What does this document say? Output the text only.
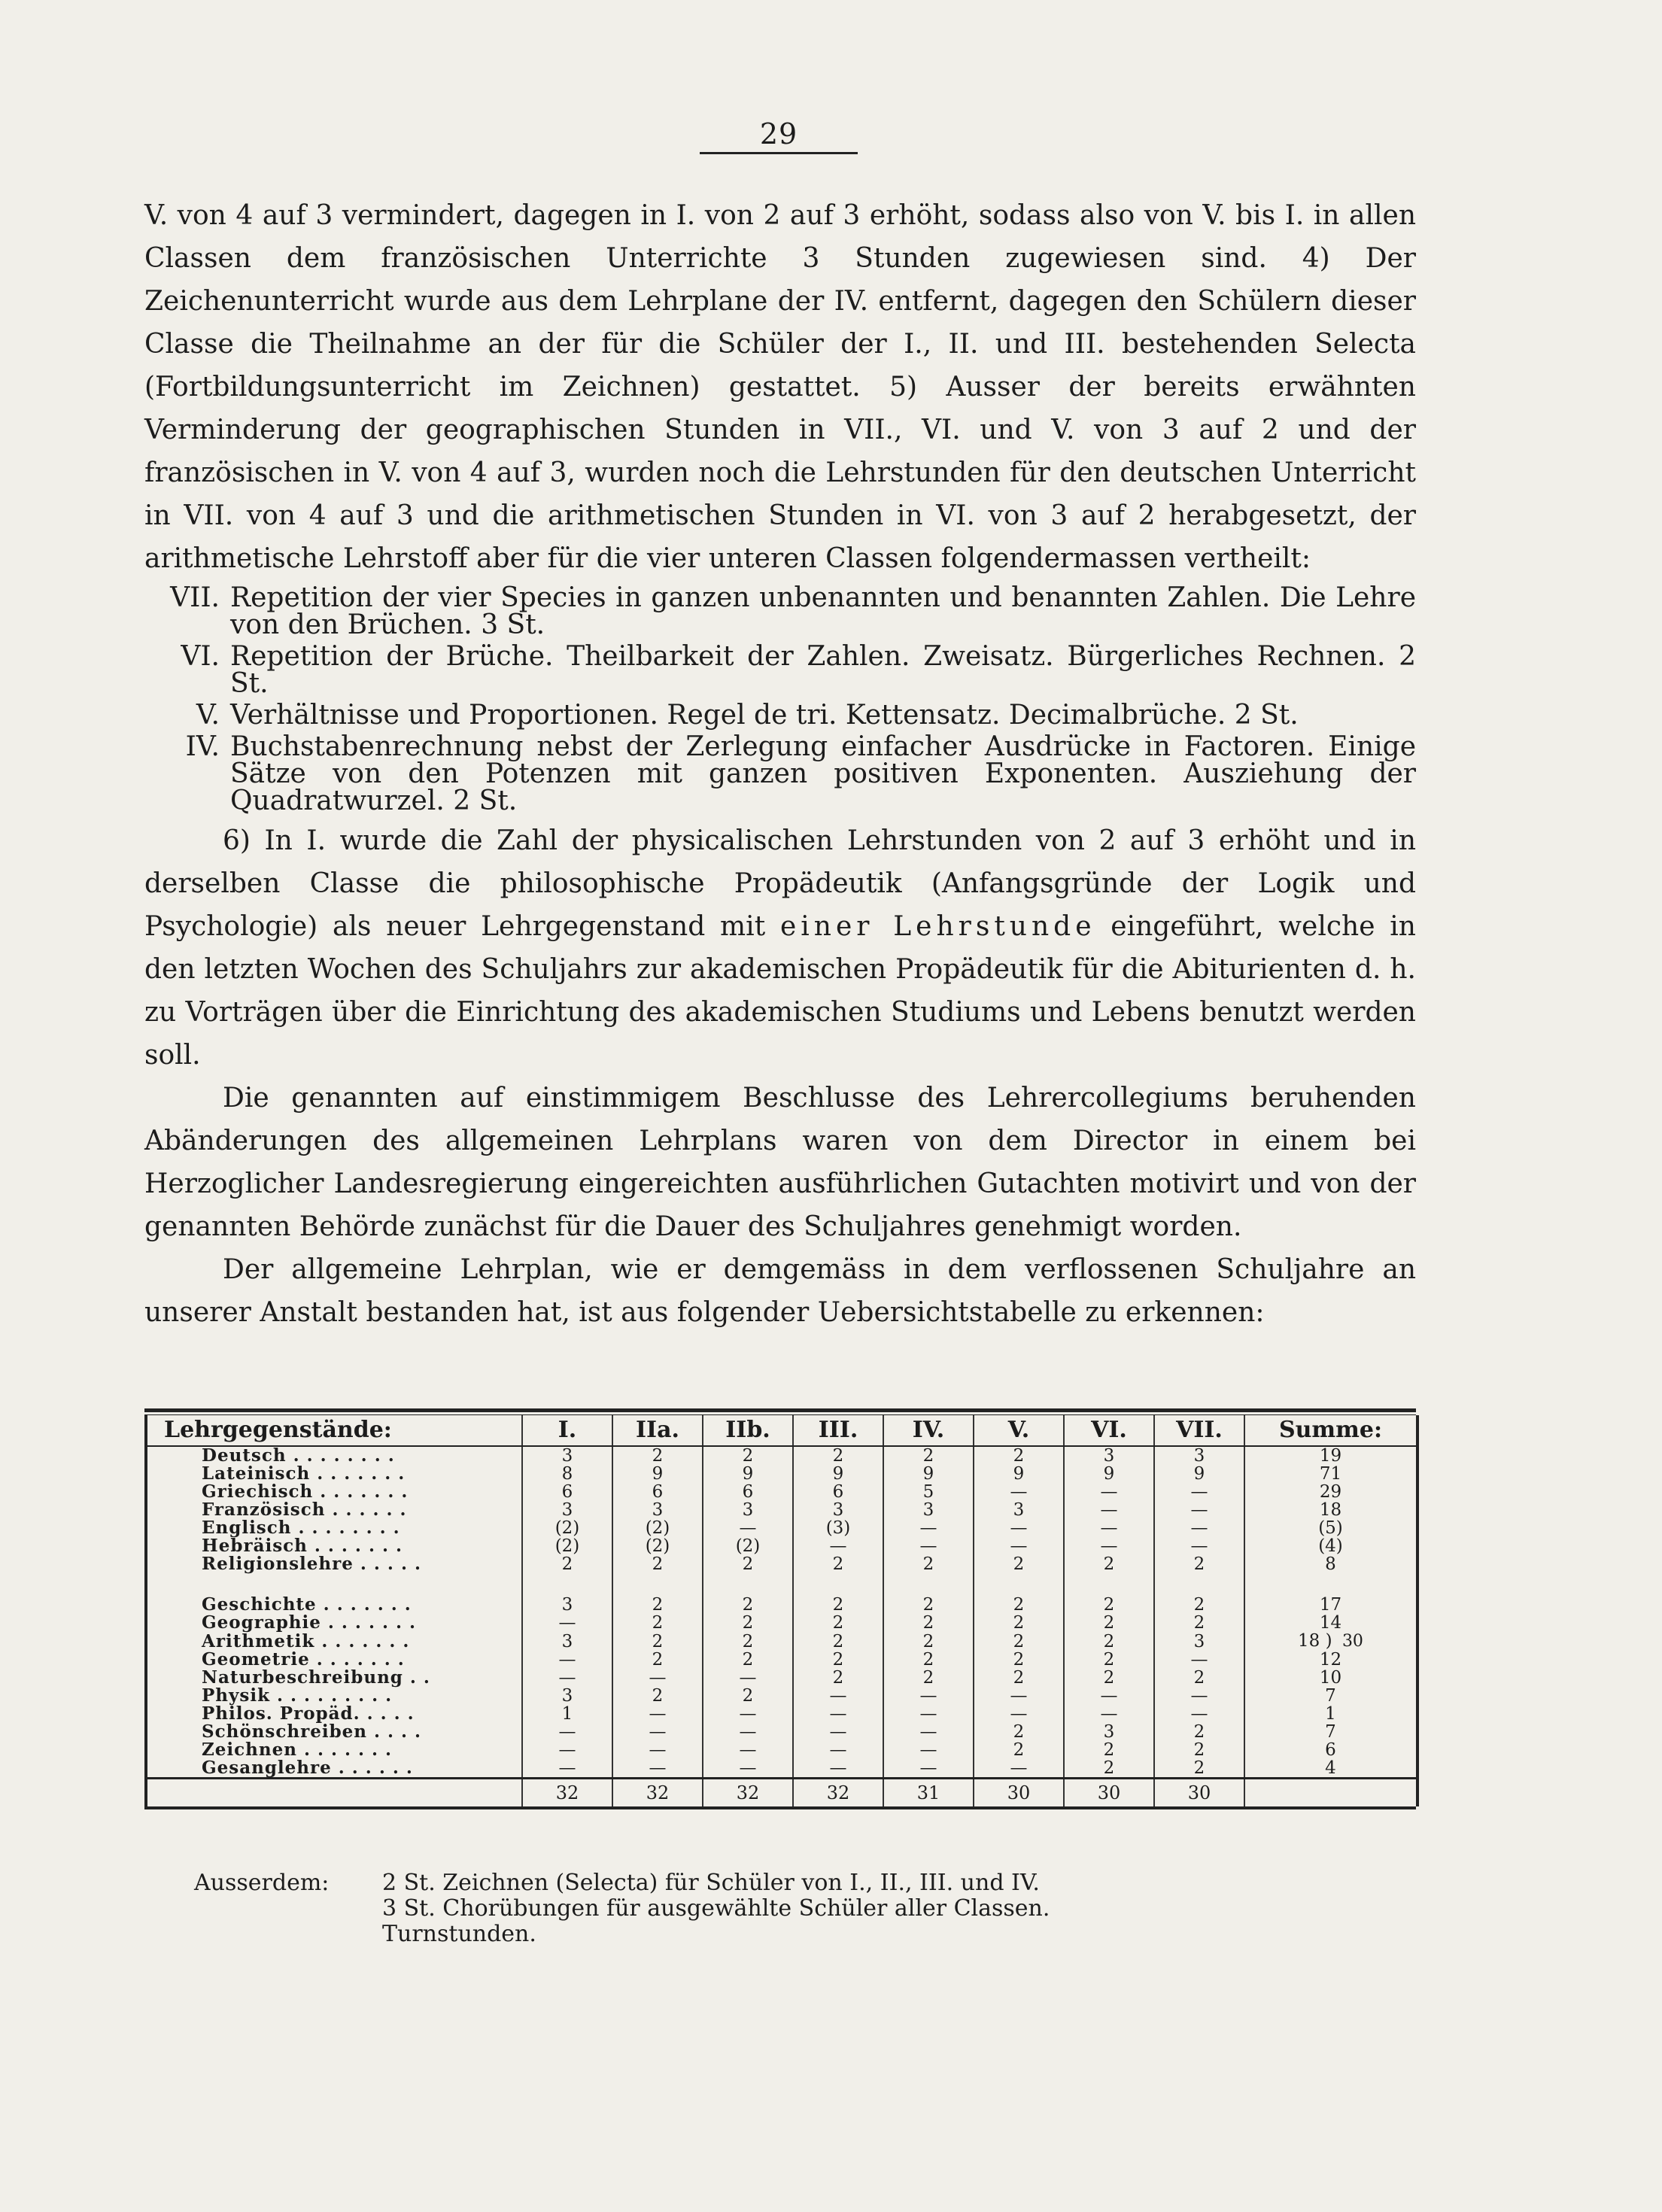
29

V. von 4 auf 3 vermindert, dagegen in I. von 2 auf 3 erhöht, sodass also von V. bis I. in allen Classen dem französischen Unterrichte 3 Stunden zugewiesen sind. 4) Der Zeichenunterricht wurde aus dem Lehrplane der IV. entfernt, dagegen den Schülern dieser Classe die Theilnahme an der für die Schüler der I., II. und III. bestehenden Selecta (Fortbildungsunterricht im Zeichnen) gestattet. 5) Ausser der bereits erwähnten Verminderung der geographischen Stunden in VII., VI. und V. von 3 auf 2 und der französischen in V. von 4 auf 3, wurden noch die Lehrstunden für den deutschen Unterricht in VII. von 4 auf 3 und die arithmetischen Stunden in VI. von 3 auf 2 herabgesetzt, der arithmetische Lehrstoff aber für die vier unteren Classen folgendermassen vertheilt:

VII. Repetition der vier Species in ganzen unbenannten und benannten Zahlen. Die Lehre von den Brüchen. 3 St.
VI. Repetition der Brüche. Theilbarkeit der Zahlen. Zweisatz. Bürgerliches Rechnen. 2 St.
V. Verhältnisse und Proportionen. Regel de tri. Kettensatz. Decimalbrüche. 2 St.
IV. Buchstabenrechnung nebst der Zerlegung einfacher Ausdrücke in Factoren. Einige Sätze von den Potenzen mit ganzen positiven Exponenten. Ausziehung der Quadratwurzel. 2 St.

6) In I. wurde die Zahl der physicalischen Lehrstunden von 2 auf 3 erhöht und in derselben Classe die philosophische Propädeutik (Anfangsgründe der Logik und Psychologie) als neuer Lehrgegenstand mit einer Lehrstunde eingeführt, welche in den letzten Wochen des Schuljahrs zur akademischen Propädeutik für die Abiturienten d. h. zu Vorträgen über die Einrichtung des akademischen Studiums und Lebens benutzt werden soll.

Die genannten auf einstimmigem Beschlusse des Lehrercollegiums beruhenden Abänderungen des allgemeinen Lehrplans waren von dem Director in einem bei Herzoglicher Landesregierung eingereichten ausführlichen Gutachten motivirt und von der genannten Behörde zunächst für die Dauer des Schuljahres genehmigt worden.

Der allgemeine Lehrplan, wie er demgemäss in dem verflossenen Schuljahre an unserer Anstalt bestanden hat, ist aus folgender Uebersichtstabelle zu erkennen:

Lehrgegenstände:	I.	IIa.	IIb.	III.	IV.	V.	VI.	VII.	Summe:
Deutsch . . . . . . . .	3	2	2	2	2	2	3	3	19
Lateinisch . . . . . . .	8	9	9	9	9	9	9	9	71
Griechisch . . . . . . .	6	6	6	6	5	—	—	—	29
Französisch . . . . . .	3	3	3	3	3	3	—	—	18
Englisch . . . . . . . .	(2)	(2)	—	(3)	—	—	—	—	(5)
Hebräisch . . . . . . .	(2)	(2)	(2)	—	—	—	—	—	(4)
Religionslehre . . . . .	2	2	2	2	2	2	2	2	8

Geschichte . . . . . . .	3	2	2	2	2	2	2	2	17
Geographie . . . . . . .	—	2	2	2	2	2	2	2	14
Arithmetik . . . . . . .	3	2	2	2	2	2	2	3	18 ) 30
Geometrie . . . . . . .	—	2	2	2	2	2	2	—	12
Naturbeschreibung . .	—	—	—	2	2	2	2	2	10
Physik . . . . . . . . .	3	2	2	—	—	—	—	—	7
Philos. Propäd. . . . .	1	—	—	—	—	—	—	—	1
Schönschreiben . . . .	—	—	—	—	—	2	3	2	7
Zeichnen . . . . . . .	—	—	—	—	—	2	2	2	6
Gesanglehre . . . . . .	—	—	—	—	—	—	2	2	4
	32	32	32	32	31	30	30	30	
Ausserdem:	2 St. Zeichnen (Selecta) für Schüler von I., II., III. und IV.
3 St. Chorübungen für ausgewählte Schüler aller Classen.
Turnstunden.
